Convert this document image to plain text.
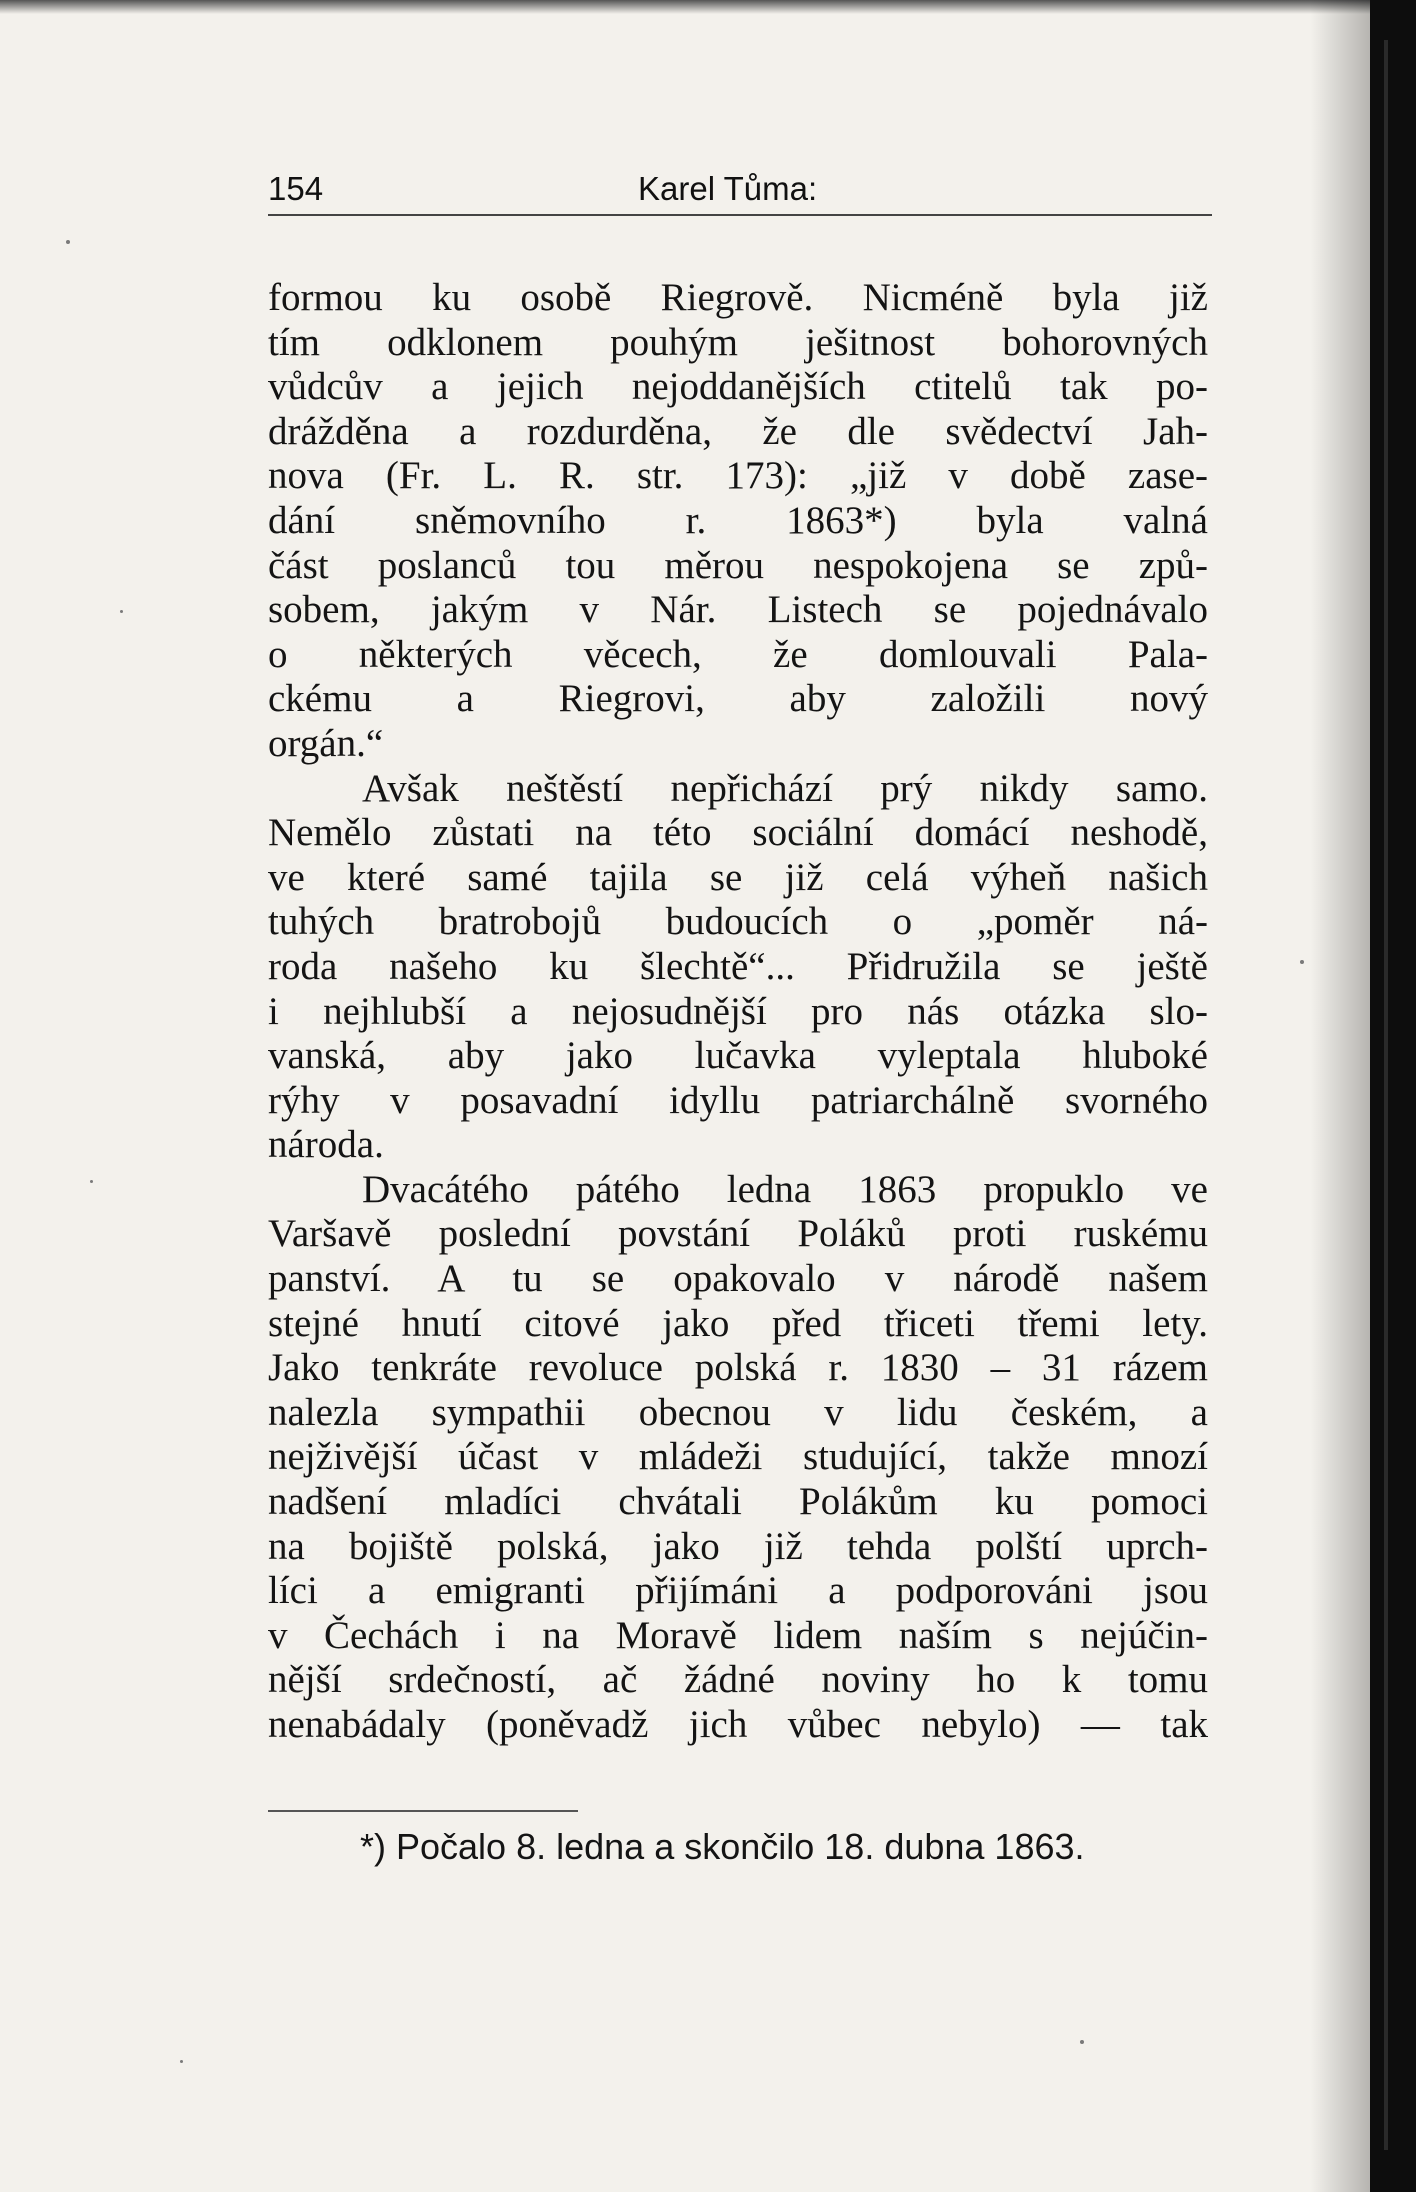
154	Karel Tůma:
formou ku osobě Riegrově. Nicméně byla již
tím odklonem pouhým ješitnost bohorovných
vůdcův a jejich nejoddanějších ctitelů tak po-
drážděna a rozdurděna, že dle svědectví Jah-
nova (Fr. L. R. str. 173): „již v době zase-
dání sněmovního r. 1863*) byla valná
část poslanců tou měrou nespokojena se způ-
sobem, jakým v Nár. Listech se pojednávalo
o některých věcech, že domlouvali Pala-
ckému a Riegrovi, aby založili nový
orgán.“
Avšak neštěstí nepřichází prý nikdy samo.
Nemělo zůstati na této sociální domácí neshodě,
ve které samé tajila se již celá výheň našich
tuhých bratrobojů budoucích o „poměr ná-
roda našeho ku šlechtě“... Přidružila se ještě
i nejhlubší a nejosudnější pro nás otázka slo-
vanská, aby jako lučavka vyleptala hluboké
rýhy v posavadní idyllu patriarchálně svorného
národa.
Dvacátého pátého ledna 1863 propuklo ve
Varšavě poslední povstání Poláků proti ruskému
panství. A tu se opakovalo v národě našem
stejné hnutí citové jako před třiceti třemi lety.
Jako tenkráte revoluce polská r. 1830 – 31 rázem
nalezla sympathii obecnou v lidu českém, a
nejživější účast v mládeži studující, takže mnozí
nadšení mladíci chvátali Polákům ku pomoci
na bojiště polská, jako již tehda polští uprch-
líci a emigranti přijímáni a podporováni jsou
v Čechách i na Moravě lidem naším s nejúčin-
nější srdečností, ač žádné noviny ho k tomu
nenabádaly (poněvadž jich vůbec nebylo) — tak
*) Počalo 8. ledna a skončilo 18. dubna 1863.
